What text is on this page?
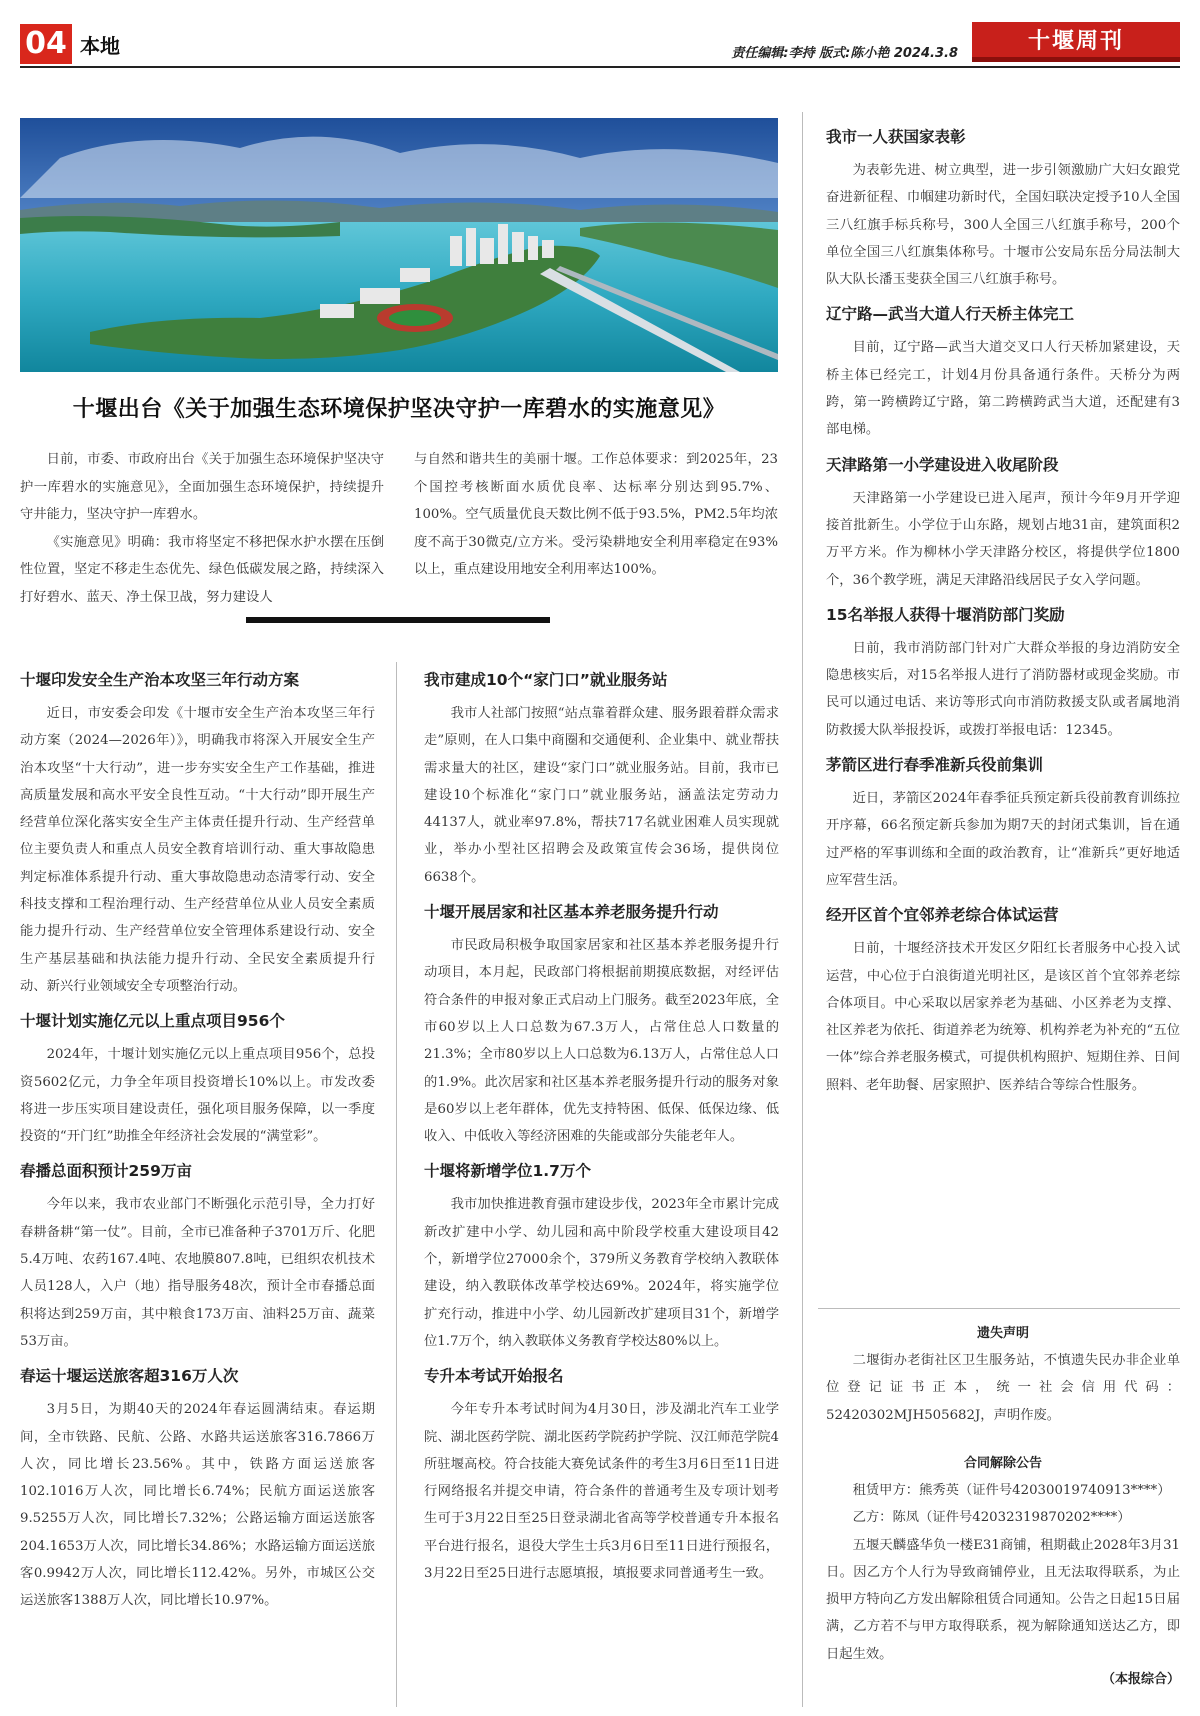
04 本地	责任编辑:李持 版式:陈小艳 2024.3.8	十堰周刊
十堰出台《关于加强生态环境保护坚决守护一库碧水的实施意见》

日前，市委、市政府出台《关于加强生态环境保护坚决守护一库碧水的实施意见》，全面加强生态环境保护，持续提升守井能力，坚决守护一库碧水。

《实施意见》明确：我市将坚定不移把保水护水摆在压倒性位置，坚定不移走生态优先、绿色低碳发展之路，持续深入打好碧水、蓝天、净土保卫战，努力建设人

与自然和谐共生的美丽十堰。工作总体要求：到2025年，23个国控考核断面水质优良率、达标率分别达到95.7%、100%。空气质量优良天数比例不低于93.5%，PM2.5年均浓度不高于30微克/立方米。受污染耕地安全利用率稳定在93%以上，重点建设用地安全利用率达100%。

十堰印发安全生产治本攻坚三年行动方案

近日，市安委会印发《十堰市安全生产治本攻坚三年行动方案（2024—2026年）》，明确我市将深入开展安全生产治本攻坚“十大行动”，进一步夯实安全生产工作基础，推进高质量发展和高水平安全良性互动。“十大行动”即开展生产经营单位深化落实安全生产主体责任提升行动、生产经营单位主要负责人和重点人员安全教育培训行动、重大事故隐患判定标准体系提升行动、重大事故隐患动态清零行动、安全科技支撑和工程治理行动、生产经营单位从业人员安全素质能力提升行动、生产经营单位安全管理体系建设行动、安全生产基层基础和执法能力提升行动、全民安全素质提升行动、新兴行业领域安全专项整治行动。

十堰计划实施亿元以上重点项目956个

2024年，十堰计划实施亿元以上重点项目956个，总投资5602亿元，力争全年项目投资增长10%以上。市发改委将进一步压实项目建设责任，强化项目服务保障，以一季度投资的“开门红”助推全年经济社会发展的“满堂彩”。

春播总面积预计259万亩

今年以来，我市农业部门不断强化示范引导，全力打好春耕备耕“第一仗”。目前，全市已准备种子3701万斤、化肥5.4万吨、农药167.4吨、农地膜807.8吨，已组织农机技术人员128人，入户（地）指导服务48次，预计全市春播总面积将达到259万亩，其中粮食173万亩、油料25万亩、蔬菜53万亩。

春运十堰运送旅客超316万人次

3月5日，为期40天的2024年春运圆满结束。春运期间，全市铁路、民航、公路、水路共运送旅客316.7866万人次，同比增长23.56%。其中，铁路方面运送旅客102.1016万人次，同比增长6.74%；民航方面运送旅客9.5255万人次，同比增长7.32%；公路运输方面运送旅客204.1653万人次，同比增长34.86%；水路运输方面运送旅客0.9942万人次，同比增长112.42%。另外，市城区公交运送旅客1388万人次，同比增长10.97%。

我市建成10个“家门口”就业服务站

我市人社部门按照“站点靠着群众建、服务跟着群众需求走”原则，在人口集中商圈和交通便利、企业集中、就业帮扶需求量大的社区，建设“家门口”就业服务站。目前，我市已建设10个标准化“家门口”就业服务站，涵盖法定劳动力44137人，就业率97.8%，帮扶717名就业困难人员实现就业，举办小型社区招聘会及政策宣传会36场，提供岗位6638个。

十堰开展居家和社区基本养老服务提升行动

市民政局积极争取国家居家和社区基本养老服务提升行动项目，本月起，民政部门将根据前期摸底数据，对经评估符合条件的申报对象正式启动上门服务。截至2023年底，全市60岁以上人口总数为67.3万人，占常住总人口数量的21.3%；全市80岁以上人口总数为6.13万人，占常住总人口的1.9%。此次居家和社区基本养老服务提升行动的服务对象是60岁以上老年群体，优先支持特困、低保、低保边缘、低收入、中低收入等经济困难的失能或部分失能老年人。

十堰将新增学位1.7万个

我市加快推进教育强市建设步伐，2023年全市累计完成新改扩建中小学、幼儿园和高中阶段学校重大建设项目42个，新增学位27000余个，379所义务教育学校纳入教联体建设，纳入教联体改革学校达69%。2024年，将实施学位扩充行动，推进中小学、幼儿园新改扩建项目31个，新增学位1.7万个，纳入教联体义务教育学校达80%以上。

专升本考试开始报名

今年专升本考试时间为4月30日，涉及湖北汽车工业学院、湖北医药学院、湖北医药学院药护学院、汉江师范学院4所驻堰高校。符合技能大赛免试条件的考生3月6日至11日进行网络报名并提交申请，符合条件的普通考生及专项计划考生可于3月22日至25日登录湖北省高等学校普通专升本报名平台进行报名，退役大学生士兵3月6日至11日进行预报名，3月22日至25日进行志愿填报，填报要求同普通考生一致。

我市一人获国家表彰

为表彰先进、树立典型，进一步引领激励广大妇女踉党奋进新征程、巾帼建功新时代，全国妇联决定授予10人全国三八红旗手标兵称号，300人全国三八红旗手称号，200个单位全国三八红旗集体称号。十堰市公安局东岳分局法制大队大队长潘玉斐获全国三八红旗手称号。

辽宁路—武当大道人行天桥主体完工

目前，辽宁路—武当大道交叉口人行天桥加紧建设，天桥主体已经完工，计划4月份具备通行条件。天桥分为两跨，第一跨横跨辽宁路，第二跨横跨武当大道，还配建有3部电梯。

天津路第一小学建设进入收尾阶段

天津路第一小学建设已进入尾声，预计今年9月开学迎接首批新生。小学位于山东路，规划占地31亩，建筑面积2万平方米。作为柳林小学天津路分校区，将提供学位1800个，36个教学班，满足天津路沿线居民子女入学问题。

15名举报人获得十堰消防部门奖励

日前，我市消防部门针对广大群众举报的身边消防安全隐患核实后，对15名举报人进行了消防器材或现金奖励。市民可以通过电话、来访等形式向市消防救援支队或者属地消防救援大队举报投诉，或拨打举报电话：12345。

茅箭区进行春季准新兵役前集训

近日，茅箭区2024年春季征兵预定新兵役前教育训练拉开序幕，66名预定新兵参加为期7天的封闭式集训，旨在通过严格的军事训练和全面的政治教育，让“准新兵”更好地适应军营生活。

经开区首个宜邻养老综合体试运营

日前，十堰经济技术开发区夕阳红长者服务中心投入试运营，中心位于白浪街道光明社区，是该区首个宜邻养老综合体项目。中心采取以居家养老为基础、小区养老为支撑、社区养老为依托、街道养老为统筹、机构养老为补充的“五位一体”综合养老服务模式，可提供机构照护、短期住养、日间照料、老年助餐、居家照护、医养结合等综合性服务。

遗失声明

二堰街办老街社区卫生服务站，不慎遗失民办非企业单位登记证书正本，统一社会信用代码：52420302MJH505682J，声明作废。

合同解除公告

租赁甲方：熊秀英（证件号42030019740913****）

乙方：陈凤（证件号42032319870202****）

五堰天麟盛华负一楼E31商铺，租期截止2028年3月31日。因乙方个人行为导致商铺停业，且无法取得联系，为止损甲方特向乙方发出解除租赁合同通知。公告之日起15日届满，乙方若不与甲方取得联系，视为解除通知送达乙方，即日起生效。

（本报综合）
